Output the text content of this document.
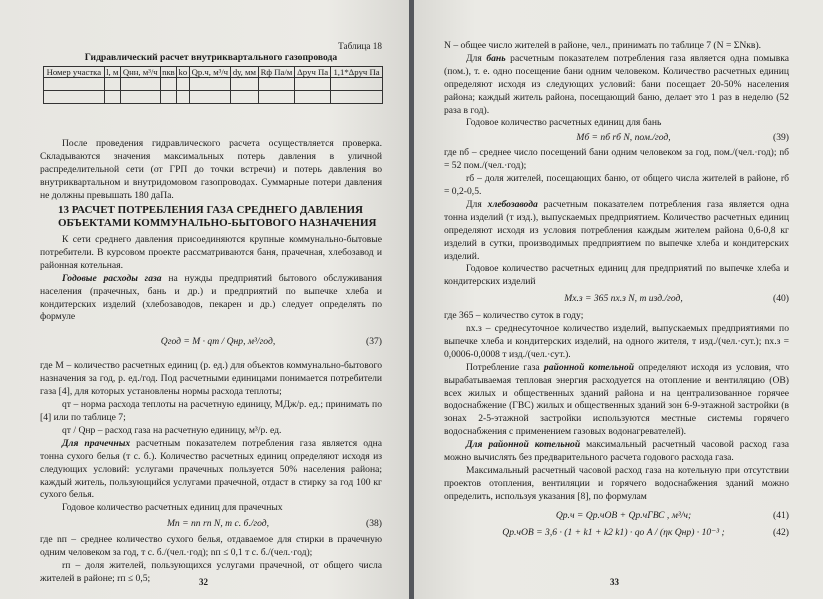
Таблица 18
Гидравлический расчет внутриквартального газопровода
Номер участка	l, м	Qнн, м³/ч	nкв	kо	Qр.ч, м³/ч	dу, мм	Rф Па/м	Δpуч Па	1,1*Δpуч Па

После проведения гидравлического расчета осуществляется проверка. Складываются значения максимальных потерь давления в уличной распределительной сети (от ГРП до точки встречи) и потерь давления во внутриквартальном и внутридомовом газопроводах. Суммарные потери давления не должны превышать 180 даПа.

13 РАСЧЕТ ПОТРЕБЛЕНИЯ ГАЗА СРЕДНЕГО ДАВЛЕНИЯ ОБЪЕКТАМИ КОММУНАЛЬНО-БЫТОВОГО НАЗНАЧЕНИЯ

К сети среднего давления присоединяются крупные коммунально-бытовые потребители. В курсовом проекте рассматриваются баня, прачечная, хлебозавод и районная котельная.

Годовые расходы газа на нужды предприятий бытового обслуживания населения (прачечных, бань и др.) и предприятий по выпечке хлеба и кондитерских изделий (хлебозаводов, пекарен и др.) следует определять по формуле

Qгод = M · qт / Qнр, м³/год,	(37)

где M – количество расчетных единиц (р. ед.) для объектов коммунально-бытового назначения за год, р. ед./год. Под расчетными единицами понимается потребители газа [4], для которых установлены нормы расхода теплоты;

qт – норма расхода теплоты на расчетную единицу, МДж/р. ед.; принимать по [4] или по таблице 7;

qт / Qнр – расход газа на расчетную единицу, м³/р. ед.

Для прачечных расчетным показателем потребления газа является одна тонна сухого белья (т с. б.). Количество расчетных единиц определяют исходя из следующих условий: услугами прачечных пользуется 50% населения района; каждый житель, пользующийся услугами прачечной, отдаст в стирку за год 100 кг сухого белья.

Годовое количество расчетных единиц для прачечных

Mп = nп rп N, т с. б./год,	(38)

где nп – среднее количество сухого белья, отдаваемое для стирки в прачечную одним человеком за год, т с. б./(чел.·год); nп ≤ 0,1 т с. б./(чел.·год);

rп – доля жителей, пользующихся услугами прачечной, от общего числа жителей в районе; rп ≤ 0,5;	32

N – общее число жителей в районе, чел., принимать по таблице 7 (N = ΣNкв).

Для бань расчетным показателем потребления газа является одна помывка (пом.), т. е. одно посещение бани одним человеком. Количество расчетных единиц определяют исходя из следующих условий: бани посещает 20-50% населения района; каждый житель района, посещающий баню, делает это 1 раз в неделю (52 раза в год).

Годовое количество расчетных единиц для бань

Mб = nб rб N, пом./год,	(39)

где nб – среднее число посещений бани одним человеком за год, пом./(чел.·год); nб = 52 пом./(чел.·год);

rб – доля жителей, посещающих баню, от общего числа жителей в районе, rб = 0,2-0,5.

Для хлебозавода расчетным показателем потребления газа является одна тонна изделий (т изд.), выпускаемых предприятием. Количество расчетных единиц определяют исходя из условия потребления каждым жителем района 0,6-0,8 кг изделий в сутки, производимых предприятием по выпечке хлеба и кондитерских изделий.

Годовое количество расчетных единиц для предприятий по выпечке хлеба и кондитерских изделий

Mх.з = 365 nх.з N, т изд./год,	(40)

где 365 – количество суток в году;

nх.з – среднесуточное количество изделий, выпускаемых предприятиями по выпечке хлеба и кондитерских изделий, на одного жителя, т изд./(чел.·сут.); nх.з = 0,0006-0,0008 т изд./(чел.·сут.).

Потребление газа районной котельной определяют исходя из условия, что вырабатываемая тепловая энергия расходуется на отопление и вентиляцию (ОВ) всех жилых и общественных зданий района и на централизованное горячее водоснабжение (ГВС) жилых и общественных зданий зон 6-9-этажной застройки (в зонах 2-5-этажной застройки используются местные системы горячего водоснабжения с применением газовых водонагревателей).

Для районной котельной максимальный расчетный часовой расход газа можно вычислять без предварительного расчета годового расхода газа.

Максимальный расчетный часовой расход газа на котельную при отсутствии проектов отопления, вентиляции и горячего водоснабжения зданий можно определить, используя указания [8], по формулам

Qр.ч = Qр.чОВ + Qр.чГВС , м³/ч;	(41)
Qр.чОВ = 3,6 · (1 + k1 + k2 k1) · qо A / (ηк Qнр) · 10⁻³ ;	(42)
33
